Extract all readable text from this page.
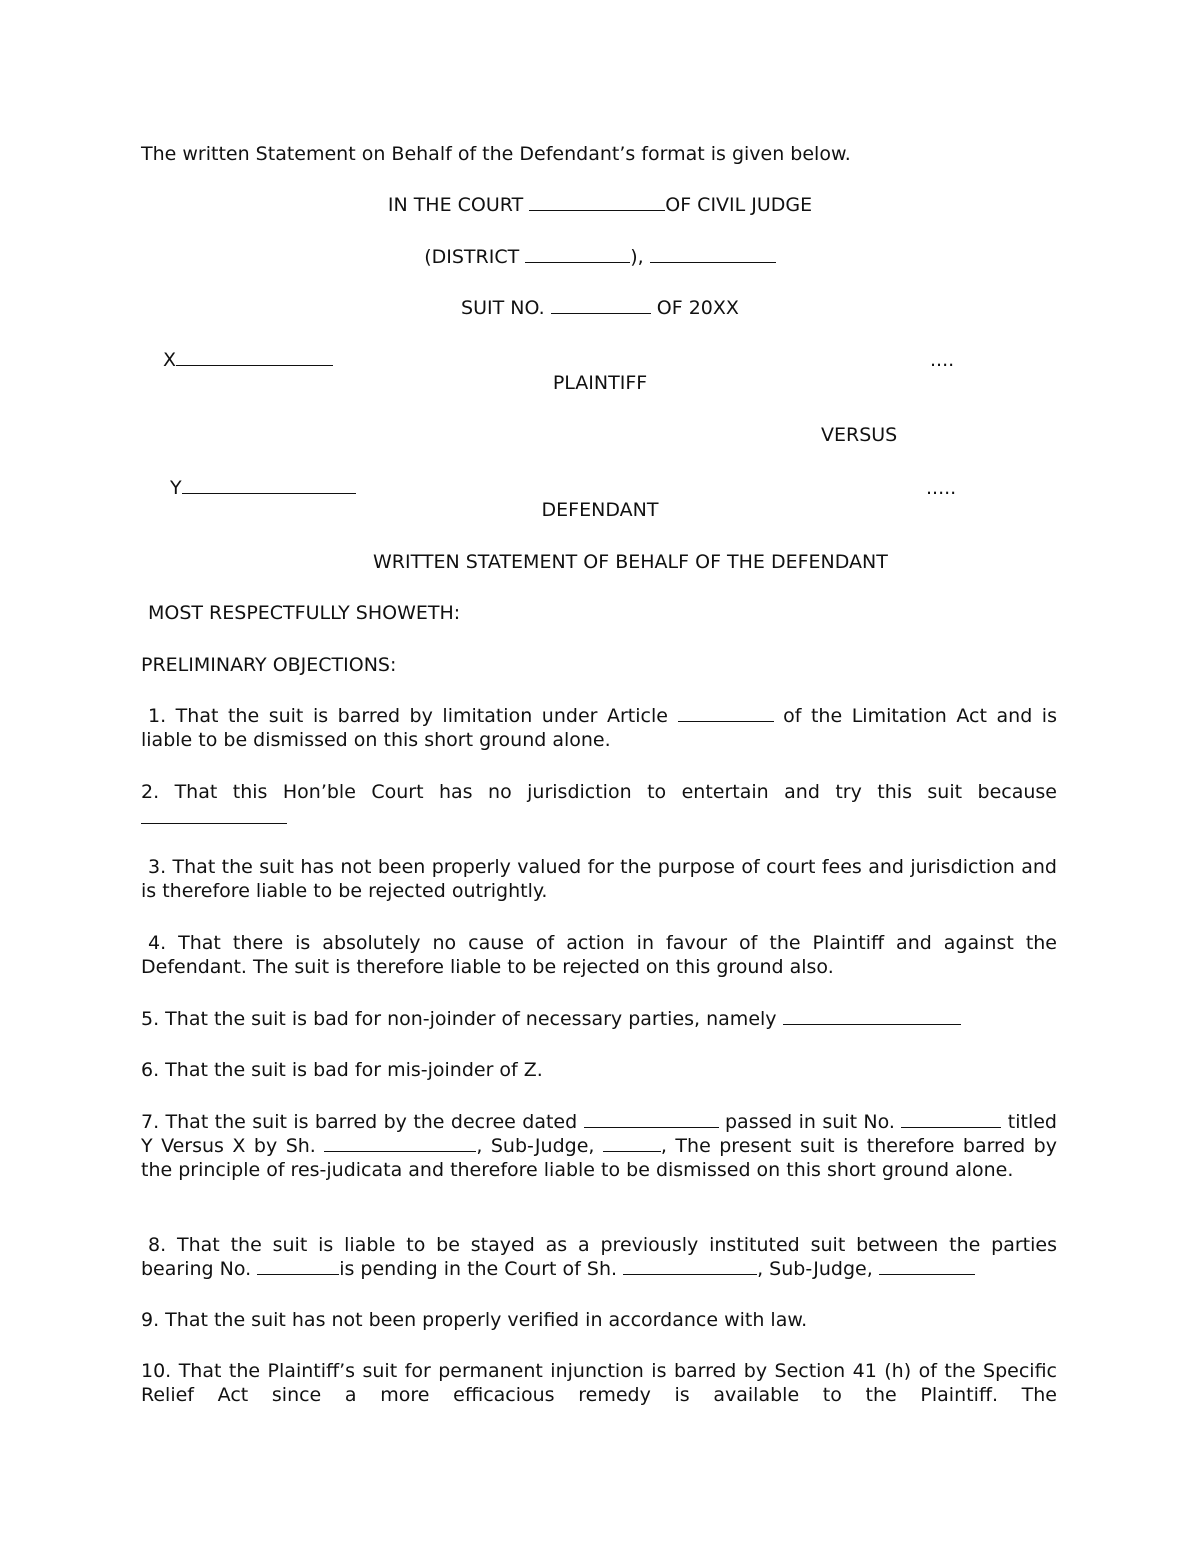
The written Statement on Behalf of the Defendant’s format is given below.
IN THE COURT	OF CIVIL JUDGE
(DISTRICT	),
SUIT NO.	OF 20XX
X	....
PLAINTIFF
VERSUS
Y	.....
DEFENDANT
WRITTEN STATEMENT OF BEHALF OF THE DEFENDANT
MOST RESPECTFULLY SHOWETH:
PRELIMINARY OBJECTIONS:
1. That the suit is barred by limitation under Article	of the Limitation Act and is liable to be dismissed on this short ground alone.
2. That this Hon’ble Court has no jurisdiction to entertain and try this suit because
3. That the suit has not been properly valued for the purpose of court fees and jurisdiction and is therefore liable to be rejected outrightly.
4. That there is absolutely no cause of action in favour of the Plaintiff and against the Defendant. The suit is therefore liable to be rejected on this ground also.
5. That the suit is bad for non-joinder of necessary parties, namely
6. That the suit is bad for mis-joinder of Z.
7. That the suit is barred by the decree dated	passed in suit No.	titled Y Versus X by Sh.	, Sub-Judge,	, The present suit is therefore barred by the principle of res-judicata and therefore liable to be dismissed on this short ground alone.
8. That the suit is liable to be stayed as a previously instituted suit between the parties bearing No.	is pending in the Court of Sh.	, Sub-Judge,
9. That the suit has not been properly verified in accordance with law.
10. That the Plaintiff’s suit for permanent injunction is barred by Section 41 (h) of the Specific Relief Act since a more efficacious remedy is available to the Plaintiff. The
